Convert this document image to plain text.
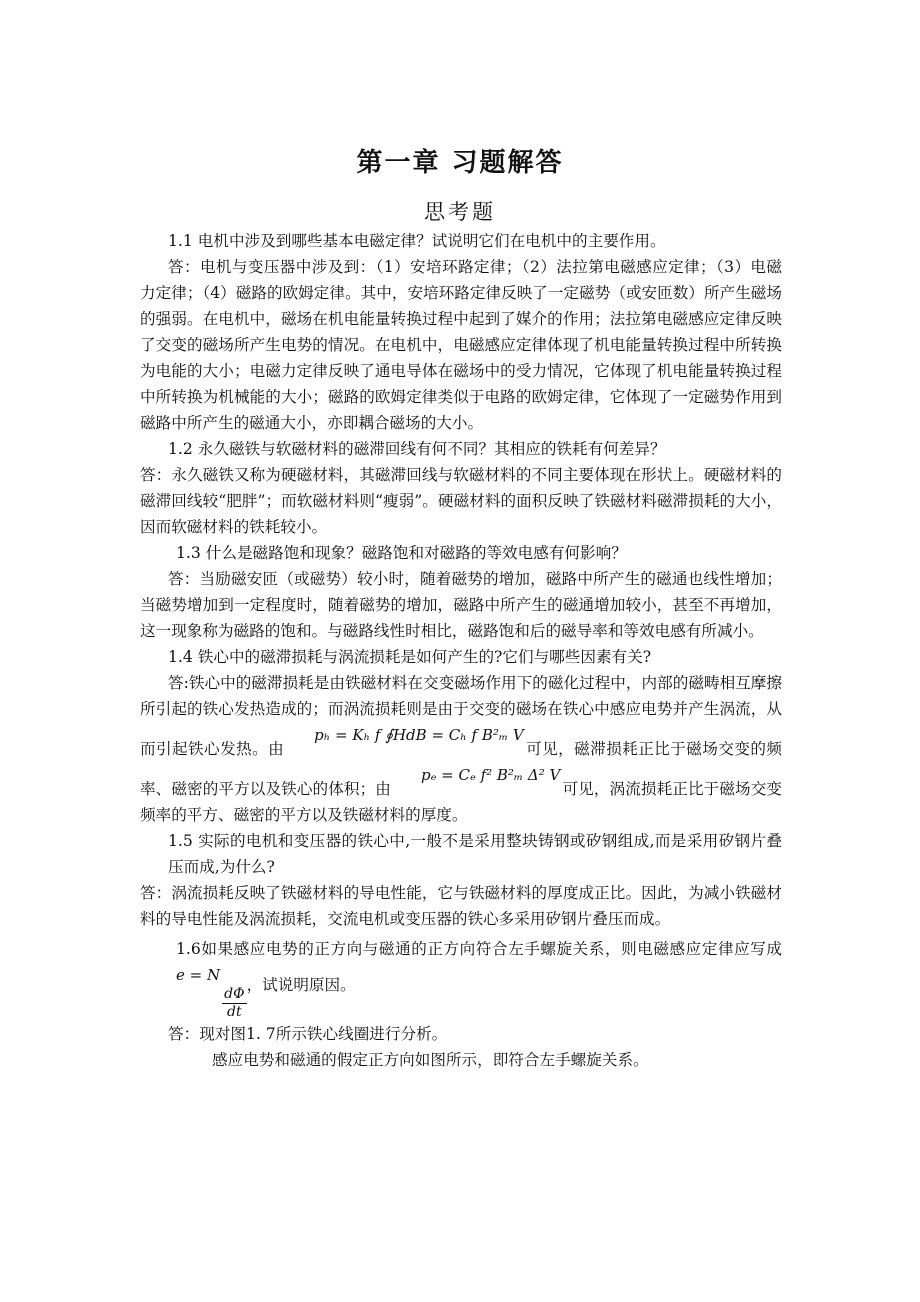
第一章 习题解答
思考题

1.1 电机中涉及到哪些基本电磁定律？试说明它们在电机中的主要作用。

答：电机与变压器中涉及到：（1）安培环路定律；（2）法拉第电磁感应定律；（3）电磁力定律；（4）磁路的欧姆定律。其中，安培环路定律反映了一定磁势（或安匝数）所产生磁场的强弱。在电机中，磁场在机电能量转换过程中起到了媒介的作用；法拉第电磁感应定律反映了交变的磁场所产生电势的情况。在电机中，电磁感应定律体现了机电能量转换过程中所转换为电能的大小；电磁力定律反映了通电导体在磁场中的受力情况，它体现了机电能量转换过程中所转换为机械能的大小；磁路的欧姆定律类似于电路的欧姆定律，它体现了一定磁势作用到磁路中所产生的磁通大小，亦即耦合磁场的大小。

1.2 永久磁铁与软磁材料的磁滞回线有何不同？其相应的铁耗有何差异？

答：永久磁铁又称为硬磁材料，其磁滞回线与软磁材料的不同主要体现在形状上。硬磁材料的磁滞回线较“肥胖”；而软磁材料则“瘦弱”。硬磁材料的面积反映了铁磁材料磁滞损耗的大小，因而软磁材料的铁耗较小。

1.3 什么是磁路饱和现象？磁路饱和对磁路的等效电感有何影响？

答：当励磁安匝（或磁势）较小时，随着磁势的增加，磁路中所产生的磁通也线性增加；当磁势增加到一定程度时，随着磁势的增加，磁路中所产生的磁通增加较小，甚至不再增加，这一现象称为磁路的饱和。与磁路线性时相比，磁路饱和后的磁导率和等效电感有所减小。

1.4 铁心中的磁滞损耗与涡流损耗是如何产生的?它们与哪些因素有关?

答:铁心中的磁滞损耗是由铁磁材料在交变磁场作用下的磁化过程中，内部的磁畴相互摩擦所引起的铁心发热造成的；而涡流损耗则是由于交变的磁场在铁心中感应电势并产生涡流，从而引起铁心发热。由pₕ = Kₕ f ∮HdB = Cₕ f B²ₘ V可见，磁滞损耗正比于磁场交变的频率、磁密的平方以及铁心的体积；由pₑ = Cₑ f² B²ₘ Δ² V可见，涡流损耗正比于磁场交变频率的平方、磁密的平方以及铁磁材料的厚度。

1.5 实际的电机和变压器的铁心中,一般不是采用整块铸钢或矽钢组成,而是采用矽钢片叠压而成,为什么?

答：涡流损耗反映了铁磁材料的导电性能，它与铁磁材料的厚度成正比。因此，为减小铁磁材料的导电性能及涡流损耗，交流电机或变压器的铁心多采用矽钢片叠压而成。

1.6如果感应电势的正方向与磁通的正方向符合左手螺旋关系，则电磁感应定律应写成e = N
$\frac{d\Phi}{dt}$
，试说明原因。

答：现对图1. 7所示铁心线圈进行分析。

感应电势和磁通的假定正方向如图所示，即符合左手螺旋关系。
